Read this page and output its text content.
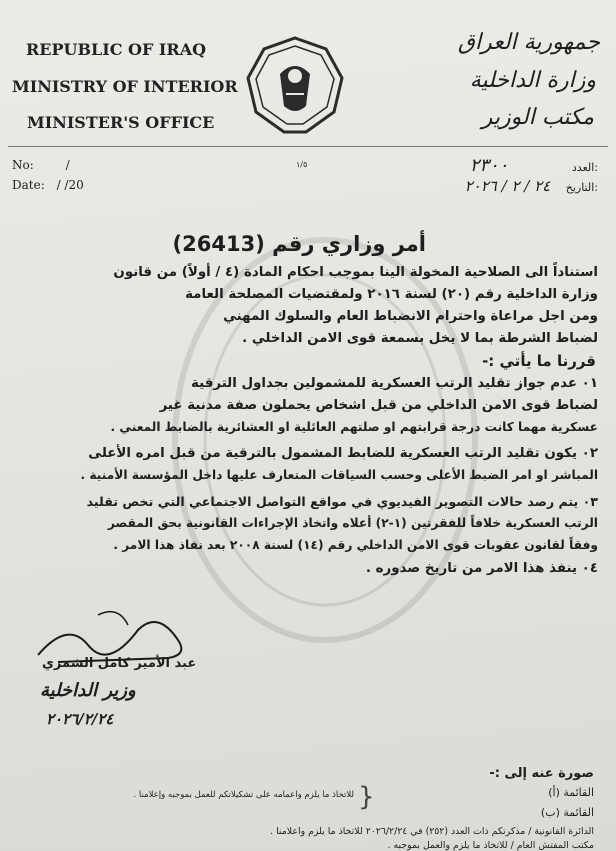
REPUBLIC OF IRAQ
MINISTRY OF INTERIOR
MINISTER'S OFFICE
جمهورية العراق
وزارة الداخلية
مكتب الوزير
No:	/
Date: / /20
١/٥	:العدد ٢٣٠٠
:التاريخ ٢٤ / ٢ / ٢٠٢٦
أمر وزاري رقم (26413)
استناداً الى الصلاحية المخولة الينا بموجب احكام المادة (٤ / أولاً) من قانون
وزارة الداخلية رقم (٢٠) لسنة ٢٠١٦ ولمقتضيات المصلحة العامة
ومن اجل مراعاة واحترام الانضباط العام والسلوك المهني
لضباط الشرطة بما لا يخل بسمعة قوى الامن الداخلي .
قررنا ما يأتي :-
٠١ عدم جواز تقليد الرتب العسكرية للمشمولين بجداول الترقية
لضباط قوى الامن الداخلي من قبل اشخاص يحملون صفة مدنية غير
عسكرية مهما كانت درجة قرابتهم او صلتهم العائلية او العشائرية بالضابط المعني .
٠٢ يكون تقليد الرتب العسكرية للضابط المشمول بالترقية من قبل امره الأعلى
المباشر او امر الضبط الأعلى وحسب السياقات المتعارف عليها داخل المؤسسة الأمنية .
٠٣ يتم رصد حالات التصوير الفيديوي في مواقع التواصل الاجتماعي التي تخص تقليد
الرتب العسكرية خلافاً للفقرتين (١-٢) أعلاه واتخاذ الإجراءات القانونية بحق المقصر
وفقاً لقانون عقوبات قوى الامن الداخلي رقم (١٤) لسنة ٢٠٠٨ بعد نفاذ هذا الامر .
٠٤ ينفذ هذا الامر من تاريخ صدوره .
عبد الأمير كامل الشمري
وزير الداخلية
٢٠٢٦/٢/٢٤
صورة عنه إلى :-
القائمة (أ)
القائمة (ب)
}
للاتخاذ ما يلزم واعمامه على تشكيلاتكم للعمل بموجبه وإعلامنا .
الدائرة القانونية / مذكرتكم ذات العدد (٢٥٢) في ٢٠٢٦/٢/٢٤ للاتخاذ ما يلزم واعلامنا .
مكتب المفتش العام / للاتخاذ ما يلزم والعمل بموجبه .
